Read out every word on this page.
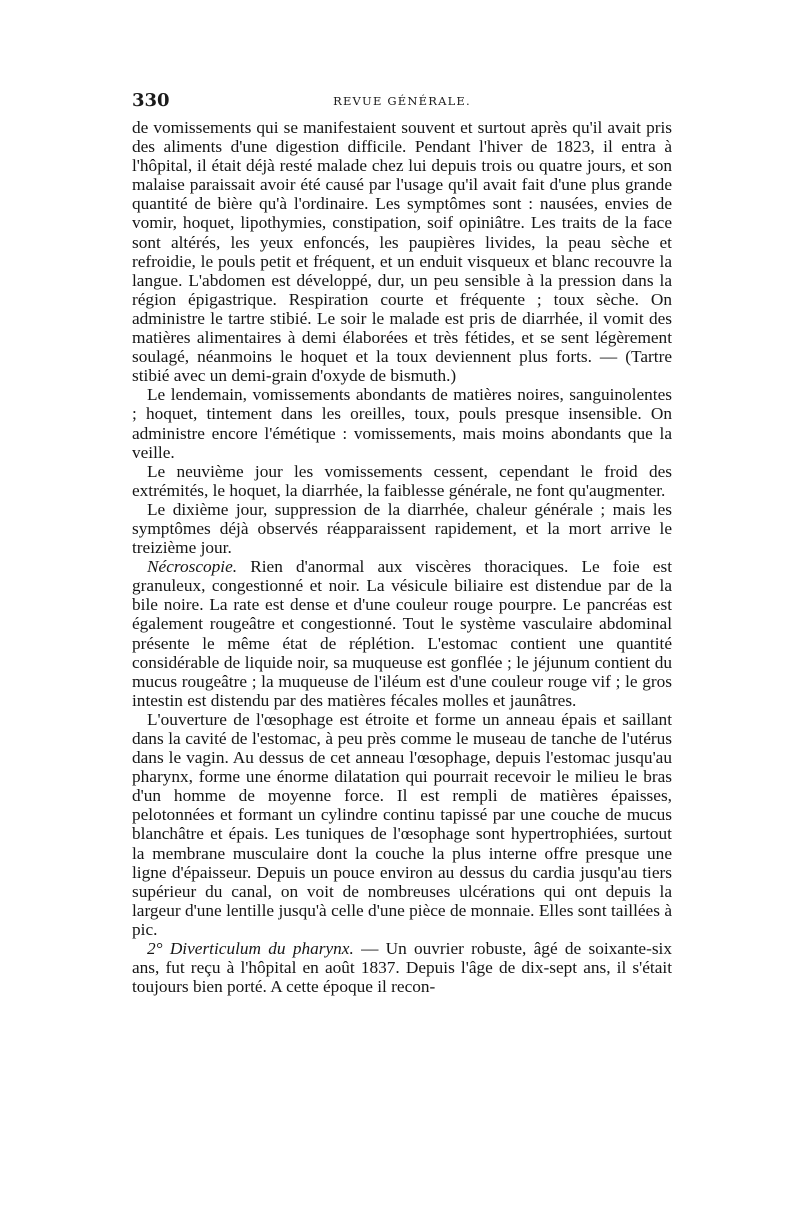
330	REVUE GÉNÉRALE.

de vomissements qui se manifestaient souvent et surtout après qu'il avait pris des aliments d'une digestion difficile. Pendant l'hiver de 1823, il entra à l'hôpital, il était déjà resté malade chez lui depuis trois ou quatre jours, et son malaise paraissait avoir été causé par l'usage qu'il avait fait d'une plus grande quantité de bière qu'à l'ordinaire. Les symptômes sont : nausées, envies de vomir, hoquet, lipothymies, constipation, soif opiniâtre. Les traits de la face sont altérés, les yeux enfoncés, les paupières livides, la peau sèche et refroidie, le pouls petit et fréquent, et un enduit visqueux et blanc recouvre la langue. L'abdomen est développé, dur, un peu sensible à la pression dans la région épigastrique. Respiration courte et fréquente ; toux sèche. On administre le tartre stibié. Le soir le malade est pris de diarrhée, il vomit des matières alimentaires à demi élaborées et très fétides, et se sent légèrement soulagé, néanmoins le hoquet et la toux deviennent plus forts. — (Tartre stibié avec un demi-grain d'oxyde de bismuth.)

Le lendemain, vomissements abondants de matières noires, sanguinolentes ; hoquet, tintement dans les oreilles, toux, pouls presque insensible. On administre encore l'émétique : vomissements, mais moins abondants que la veille.

Le neuvième jour les vomissements cessent, cependant le froid des extrémités, le hoquet, la diarrhée, la faiblesse générale, ne font qu'augmenter.

Le dixième jour, suppression de la diarrhée, chaleur générale ; mais les symptômes déjà observés réapparaissent rapidement, et la mort arrive le treizième jour.

Nécroscopie. Rien d'anormal aux viscères thoraciques. Le foie est granuleux, congestionné et noir. La vésicule biliaire est distendue par de la bile noire. La rate est dense et d'une couleur rouge pourpre. Le pancréas est également rougeâtre et congestionné. Tout le système vasculaire abdominal présente le même état de réplétion. L'estomac contient une quantité considérable de liquide noir, sa muqueuse est gonflée ; le jéjunum contient du mucus rougeâtre ; la muqueuse de l'iléum est d'une couleur rouge vif ; le gros intestin est distendu par des matières fécales molles et jaunâtres.

L'ouverture de l'œsophage est étroite et forme un anneau épais et saillant dans la cavité de l'estomac, à peu près comme le museau de tanche de l'utérus dans le vagin. Au dessus de cet anneau l'œsophage, depuis l'estomac jusqu'au pharynx, forme une énorme dilatation qui pourrait recevoir le milieu le bras d'un homme de moyenne force. Il est rempli de matières épaisses, pelotonnées et formant un cylindre continu tapissé par une couche de mucus blanchâtre et épais. Les tuniques de l'œsophage sont hypertrophiées, surtout la membrane musculaire dont la couche la plus interne offre presque une ligne d'épaisseur. Depuis un pouce environ au dessus du cardia jusqu'au tiers supérieur du canal, on voit de nombreuses ulcérations qui ont depuis la largeur d'une lentille jusqu'à celle d'une pièce de monnaie. Elles sont taillées à pic.

2° Diverticulum du pharynx. — Un ouvrier robuste, âgé de soixante-six ans, fut reçu à l'hôpital en août 1837. Depuis l'âge de dix-sept ans, il s'était toujours bien porté. A cette époque il recon-
